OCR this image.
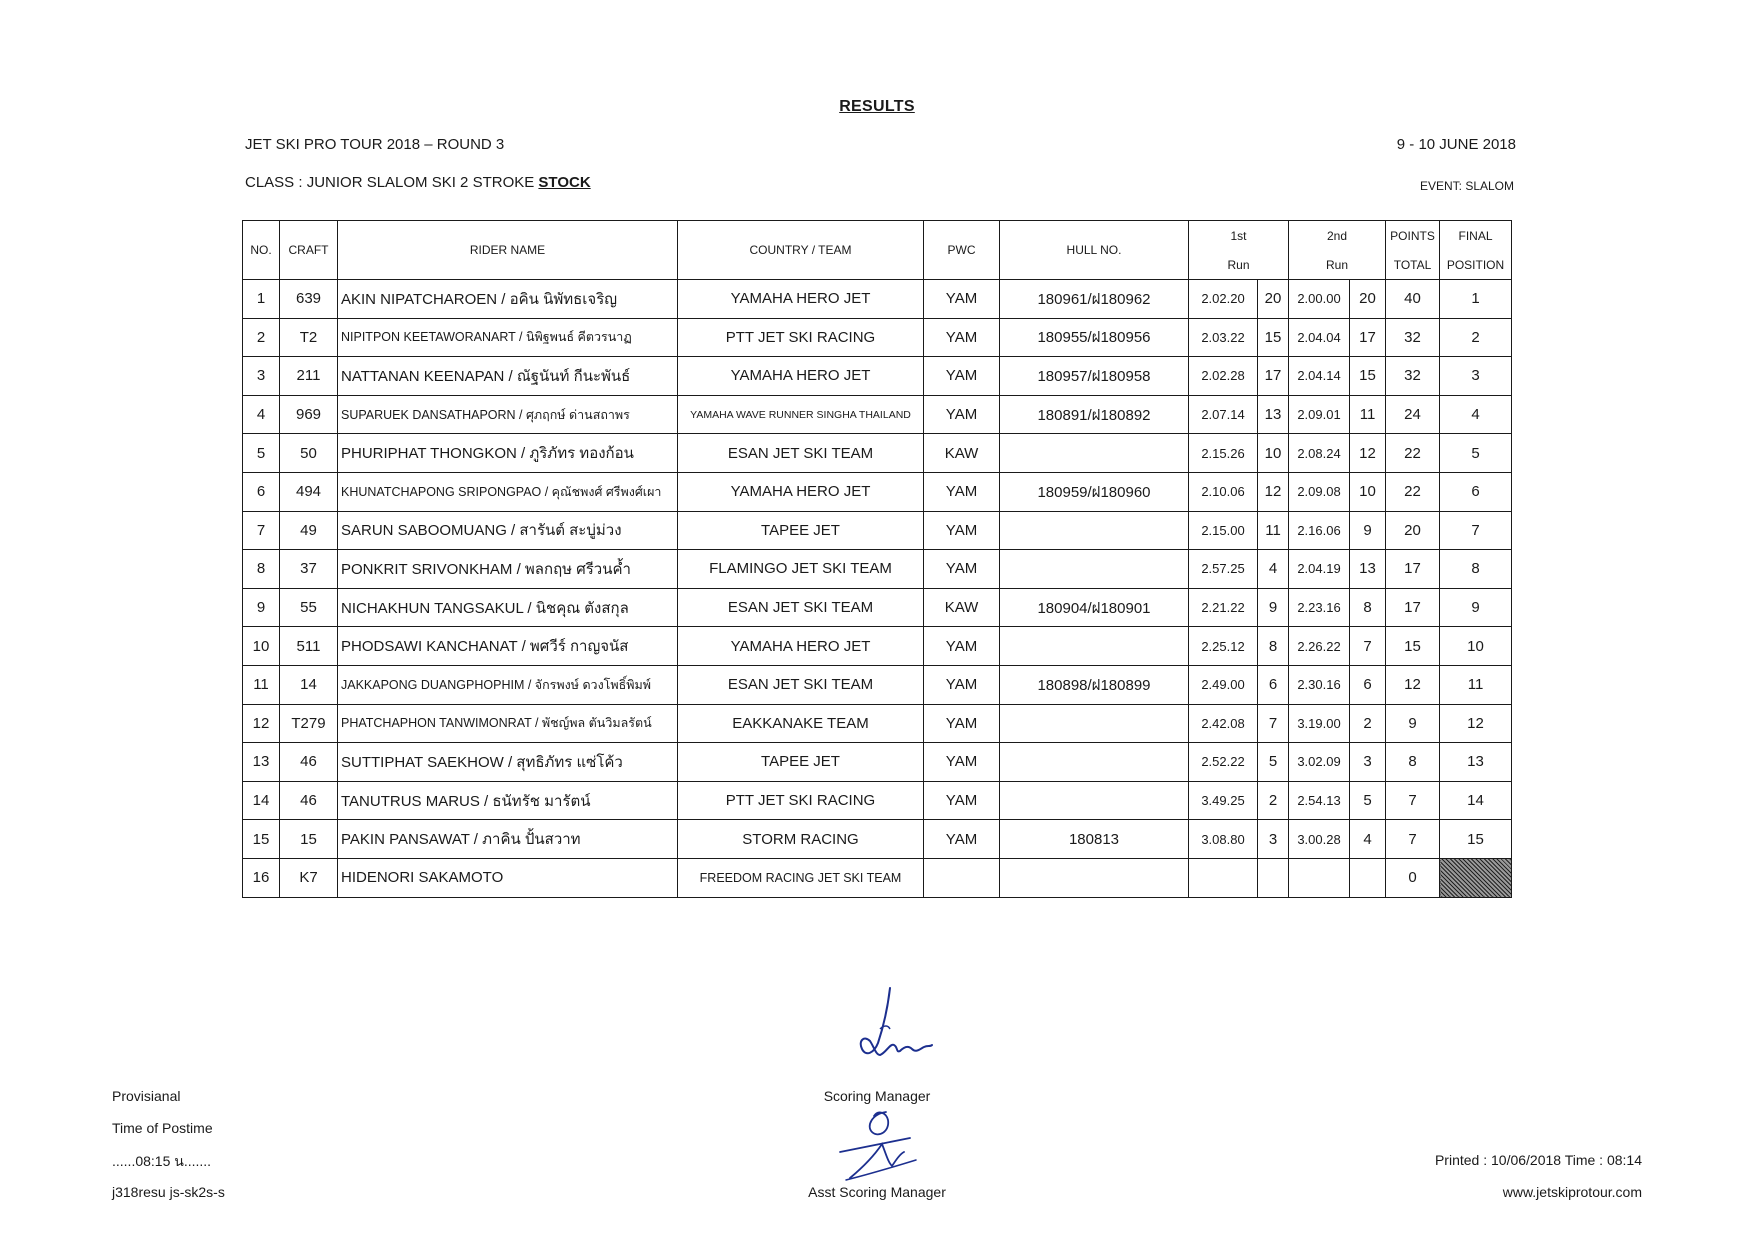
RESULTS
JET SKI PRO TOUR 2018 – ROUND 3	9 - 10 JUNE 2018
CLASS : JUNIOR SLALOM SKI 2 STROKE STOCK	EVENT: SLALOM
NO.	CRAFT	RIDER NAME	COUNTRY / TEAM	PWC	HULL NO.	1st		2nd		POINTS	FINAL
						Run		Run		TOTAL	POSITION
1	639	AKIN NIPATCHAROEN / อคิน นิพัทธเจริญ	YAMAHA HERO JET	YAM	180961/ฝ180962	2.02.20	20	2.00.00	20	40	1
2	T2	NIPITPON KEETAWORANART / นิพิฐพนธ์ คีตวรนาฏ	PTT JET SKI RACING	YAM	180955/ฝ180956	2.03.22	15	2.04.04	17	32	2
3	211	NATTANAN KEENAPAN / ณัฐนันท์ กีนะพันธ์	YAMAHA HERO JET	YAM	180957/ฝ180958	2.02.28	17	2.04.14	15	32	3
4	969	SUPARUEK DANSATHAPORN / ศุภฤกษ์ ด่านสถาพร	YAMAHA WAVE RUNNER SINGHA THAILAND	YAM	180891/ฝ180892	2.07.14	13	2.09.01	11	24	4
5	50	PHURIPHAT THONGKON / ภูริภัทร ทองก้อน	ESAN JET SKI TEAM	KAW		2.15.26	10	2.08.24	12	22	5
6	494	KHUNATCHAPONG SRIPONGPAO / คุณัชพงศ์ ศรีพงศ์เผา	YAMAHA HERO JET	YAM	180959/ฝ180960	2.10.06	12	2.09.08	10	22	6
7	49	SARUN SABOOMUANG / สารันต์ สะบู่ม่วง	TAPEE JET	YAM		2.15.00	11	2.16.06	9	20	7
8	37	PONKRIT SRIVONKHAM / พลกฤษ ศรีวนค้ำ	FLAMINGO JET SKI TEAM	YAM		2.57.25	4	2.04.19	13	17	8
9	55	NICHAKHUN TANGSAKUL / นิชคุณ ตังสกุล	ESAN JET SKI TEAM	KAW	180904/ฝ180901	2.21.22	9	2.23.16	8	17	9
10	511	PHODSAWI KANCHANAT / พศวีร์ กาญจนัส	YAMAHA HERO JET	YAM		2.25.12	8	2.26.22	7	15	10
11	14	JAKKAPONG DUANGPHOPHIM / จักรพงษ์ ดวงโพธิ์พิมพ์	ESAN JET SKI TEAM	YAM	180898/ฝ180899	2.49.00	6	2.30.16	6	12	11
12	T279	PHATCHAPHON TANWIMONRAT / พัชญ์พล ตันวิมลรัตน์	EAKKANAKE TEAM	YAM		2.42.08	7	3.19.00	2	9	12
13	46	SUTTIPHAT SAEKHOW / สุทธิภัทร แซ่โค้ว	TAPEE JET	YAM		2.52.22	5	3.02.09	3	8	13
14	46	TANUTRUS MARUS / ธนัทรัช มารัตน์	PTT JET SKI RACING	YAM		3.49.25	2	2.54.13	5	7	14
15	15	PAKIN PANSAWAT / ภาคิน ปั้นสวาท	STORM RACING	YAM	180813	3.08.80	3	3.00.28	4	7	15
16	K7	HIDENORI SAKAMOTO	FREEDOM RACING JET SKI TEAM							0	
Provisianal
Time of Postime
......08:15 น.......
j318resu js-sk2s-s
Scoring Manager
Asst Scoring Manager
Printed : 10/06/2018 Time : 08:14
www.jetskiprotour.com
